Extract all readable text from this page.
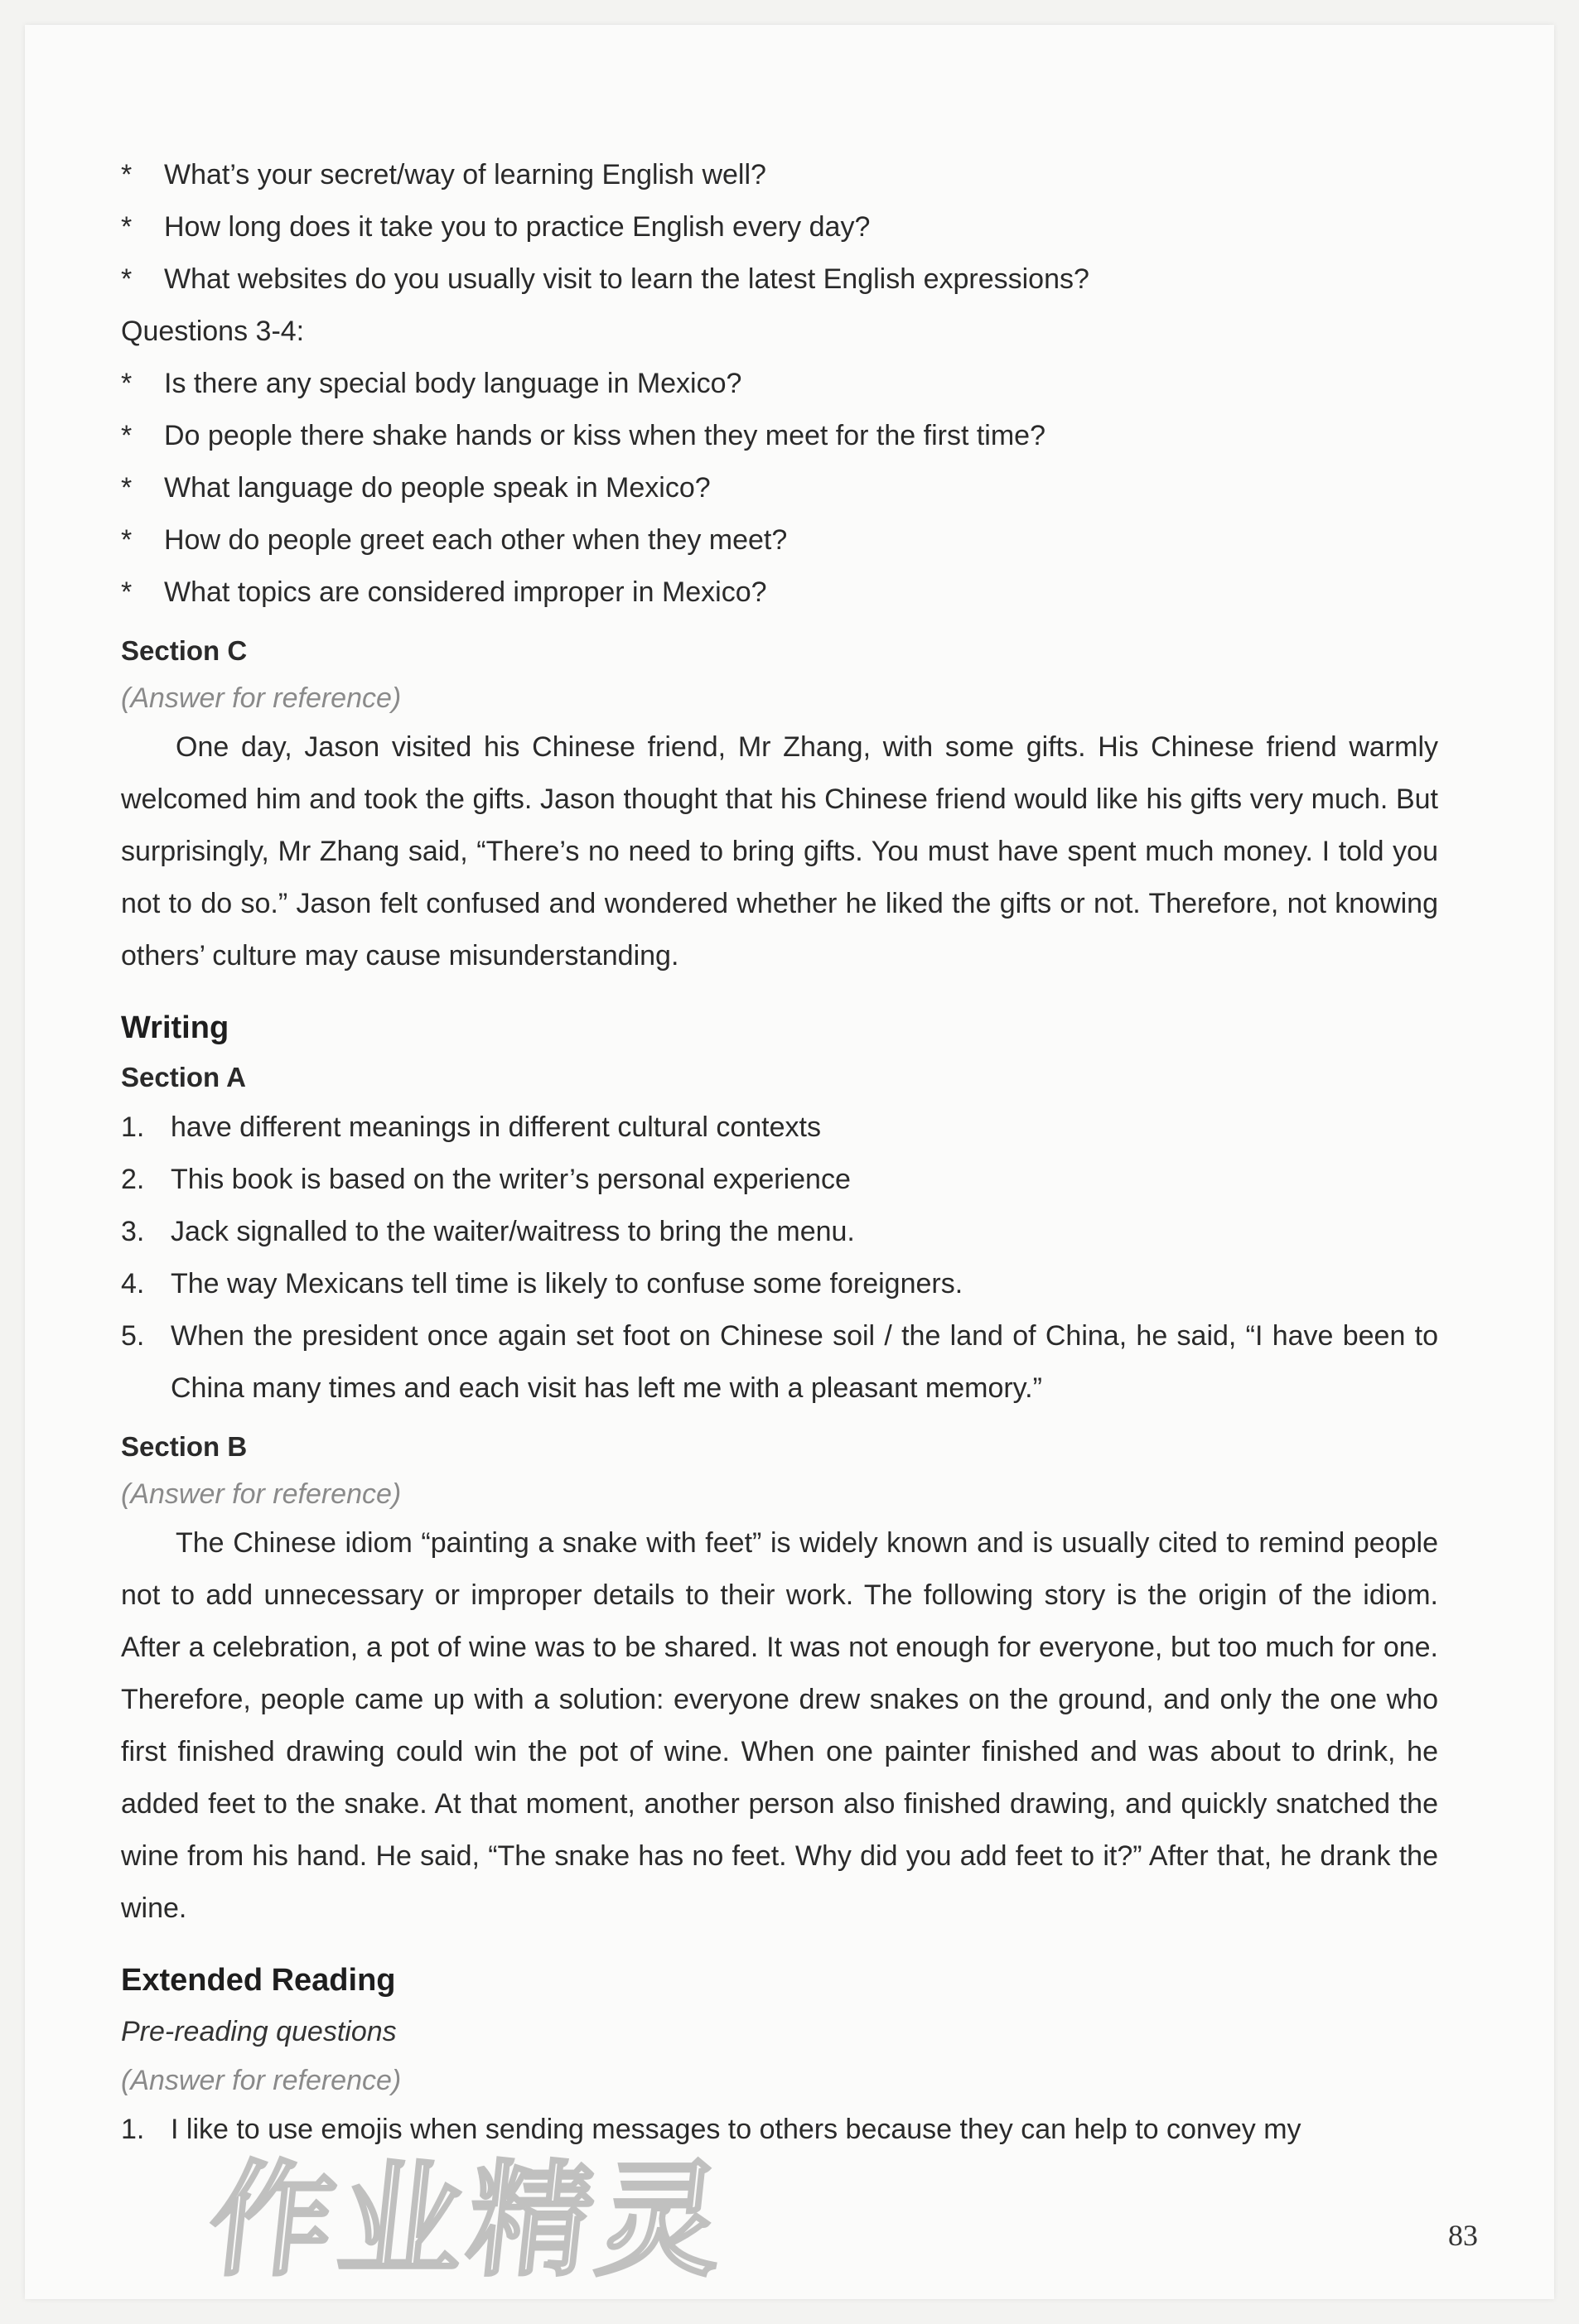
*	What’s your secret/way of learning English well?
*	How long does it take you to practice English every day?
*	What websites do you usually visit to learn the latest English expressions?
Questions 3-4:
*	Is there any special body language in Mexico?
*	Do people there shake hands or kiss when they meet for the first time?
*	What language do people speak in Mexico?
*	How do people greet each other when they meet?
*	What topics are considered improper in Mexico?
Section C
(Answer for reference)
One day, Jason visited his Chinese friend, Mr Zhang, with some gifts. His Chinese friend warmly welcomed him and took the gifts. Jason thought that his Chinese friend would like his gifts very much. But surprisingly, Mr Zhang said, “There’s no need to bring gifts. You must have spent much money. I told you not to do so.” Jason felt confused and wondered whether he liked the gifts or not. Therefore, not knowing others’ culture may cause misunderstanding.
Writing
Section A
1. have different meanings in different cultural contexts
2. This book is based on the writer’s personal experience
3. Jack signalled to the waiter/waitress to bring the menu.
4. The way Mexicans tell time is likely to confuse some foreigners.
5. When the president once again set foot on Chinese soil / the land of China, he said, “I have been to China many times and each visit has left me with a pleasant memory.”
Section B
(Answer for reference)
The Chinese idiom “painting a snake with feet” is widely known and is usually cited to remind people not to add unnecessary or improper details to their work. The following story is the origin of the idiom. After a celebration, a pot of wine was to be shared. It was not enough for everyone, but too much for one. Therefore, people came up with a solution: everyone drew snakes on the ground, and only the one who first finished drawing could win the pot of wine. When one painter finished and was about to drink, he added feet to the snake. At that moment, another person also finished drawing, and quickly snatched the wine from his hand. He said, “The snake has no feet. Why did you add feet to it?” After that, he drank the wine.
Extended Reading
Pre-reading questions
(Answer for reference)
1. I like to use emojis when sending messages to others because they can help to convey my
83
作业精灵
